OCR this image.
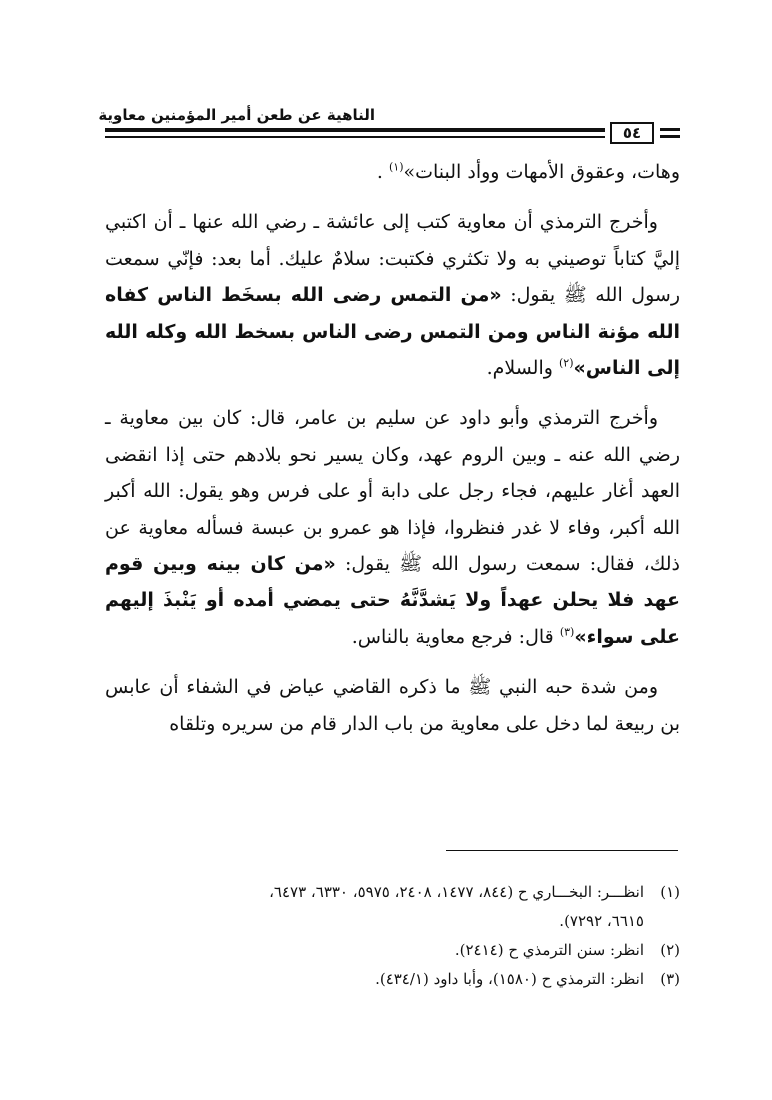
الناهية عن طعن أمير المؤمنين معاوية
٥٤

وهات، وعقوق الأمهات ووأد البنات»$^{(١)}$ .

وأخرج الترمذي أن معاوية كتب إلى عائشة ـ رضي الله عنها ـ أن اكتبي إليَّ كتاباً توصيني به ولا تكثري فكتبت: سلامٌ عليك. أما بعد: فإنّي سمعت رسول الله ﷺ يقول: «من التمس رضى الله بسخَط الناس كفاه الله مؤنة الناس ومن التمس رضى الناس بسخط الله وكله الله إلى الناس»$^{(٢)}$ والسلام.

وأخرج الترمذي وأبو داود عن سليم بن عامر، قال: كان بين معاوية ـ رضي الله عنه ـ وبين الروم عهد، وكان يسير نحو بلادهم حتى إذا انقضى العهد أغار عليهم، فجاء رجل على دابة أو على فرس وهو يقول: الله أكبر الله أكبر، وفاء لا غدر فنظروا، فإذا هو عمرو بن عبسة فسأله معاوية عن ذلك، فقال: سمعت رسول الله ﷺ يقول: «من كان بينه وبين قوم عهد فلا يحلن عهداً ولا يَشدَّنَّهُ حتى يمضي أمده أو يَنْبذَ إليهم على سواء»$^{(٣)}$ قال: فرجع معاوية بالناس.

ومن شدة حبه النبي ﷺ ما ذكره القاضي عياض في الشفاء أن عابس بن ربيعة لما دخل على معاوية من باب الدار قام من سريره وتلقاه

(١)انظـــر: البخـــاري ح (٨٤٤، ١٤٧٧، ٢٤٠٨، ٥٩٧٥، ٦٣٣٠، ٦٤٧٣،

٦٦١٥، ٧٢٩٢).

(٢)انظر: سنن الترمذي ح (٢٤١٤).

(٣)انظر: الترمذي ح (١٥٨٠)، وأبا داود (٤٣٤/١).
